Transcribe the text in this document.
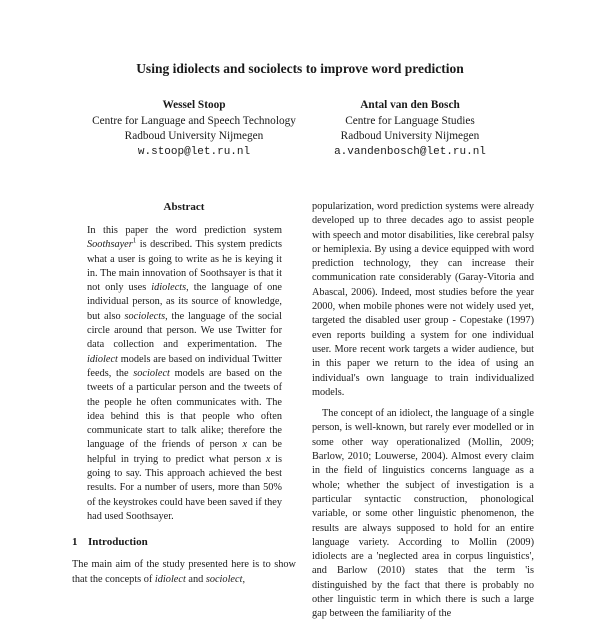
Using idiolects and sociolects to improve word prediction
Wessel Stoop
Centre for Language and Speech Technology
Radboud University Nijmegen
w.stoop@let.ru.nl
Antal van den Bosch
Centre for Language Studies
Radboud University Nijmegen
a.vandenbosch@let.ru.nl
Abstract

In this paper the word prediction system Soothsayer$^1$ is described. This system predicts what a user is going to write as he is keying it in. The main innovation of Soothsayer is that it not only uses idiolects, the language of one individual person, as its source of knowledge, but also sociolects, the language of the social circle around that person. We use Twitter for data collection and experimentation. The idiolect models are based on individual Twitter feeds, the sociolect models are based on the tweets of a particular person and the tweets of the people he often communicates with. The idea behind this is that people who often communicate start to talk alike; therefore the language of the friends of person x can be helpful in trying to predict what person x is going to say. This approach achieved the best results. For a number of users, more than 50% of the keystrokes could have been saved if they had used Soothsayer.

1 Introduction

The main aim of the study presented here is to show that the concepts of idiolect and sociolect,

popularization, word prediction systems were already developed up to three decades ago to assist people with speech and motor disabilities, like cerebral palsy or hemiplexia. By using a device equipped with word prediction technology, they can increase their communication rate considerably (Garay-Vitoria and Abascal, 2006). Indeed, most studies before the year 2000, when mobile phones were not widely used yet, targeted the disabled user group - Copestake (1997) even reports building a system for one individual user. More recent work targets a wider audience, but in this paper we return to the idea of using an individual's own language to train individualized models.

The concept of an idiolect, the language of a single person, is well-known, but rarely ever modelled or in some other way operationalized (Mollin, 2009; Barlow, 2010; Louwerse, 2004). Almost every claim in the field of linguistics concerns language as a whole; whether the subject of investigation is a particular syntactic construction, phonological variable, or some other linguistic phenomenon, the results are always supposed to hold for an entire language variety. According to Mollin (2009) idiolects are a 'neglected area in corpus linguistics', and Barlow (2010) states that the term 'is distinguished by the fact that there is probably no other linguistic term in which there is such a large gap between the familiarity of the
